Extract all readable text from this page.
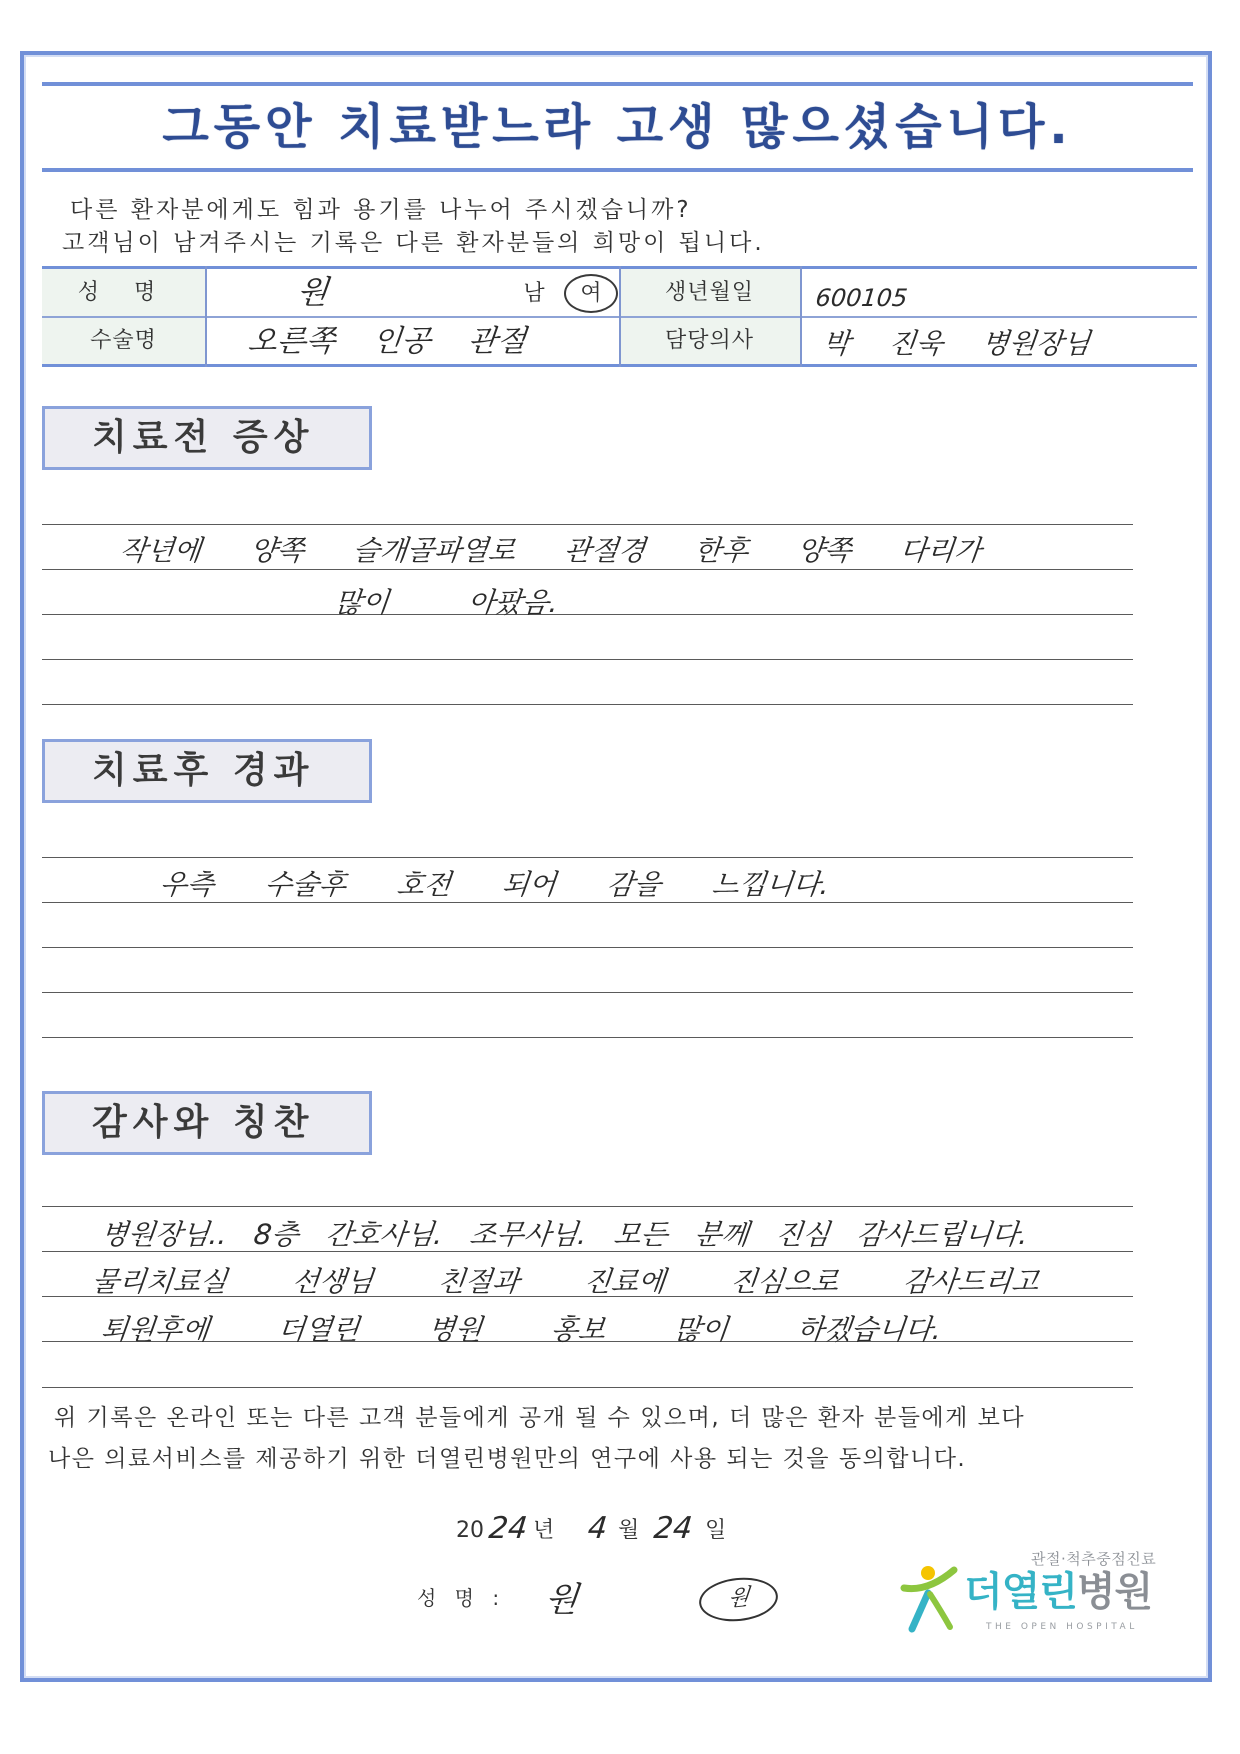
그동안 치료받느라 고생 많으셨습니다.
다른 환자분에게도 힘과 용기를 나누어 주시겠습니까?
고객님이 남겨주시는 기록은 다른 환자분들의 희망이 됩니다.
성 명	원	남	여	생년월일	600105
수술명	오른쪽 인공 관절	담당의사	박 진욱 병원장님
치료전 증상
작년에 양쪽 슬개골파열로 관절경 한후 양쪽 다리가
많이 아팠음.
치료후 경과
우측 수술후 호전 되어 감을 느낍니다.
감사와 칭찬
병원장님.. 8층 간호사님. 조무사님. 모든 분께 진심 감사드립니다.
물리치료실 선생님 친절과 진료에 진심으로 감사드리고
퇴원후에 더열린 병원 홍보 많이 하겠습니다.
위 기록은 온라인 또는 다른 고객 분들에게 공개 될 수 있으며, 더 많은 환자 분들에게 보다
나은 의료서비스를 제공하기 위한 더열린병원만의 연구에 사용 되는 것을 동의합니다.
20 24 년 4 월 24 일
성 명 : 원	원
관절·척추중점진료
더열린병원
THE OPEN HOSPITAL
